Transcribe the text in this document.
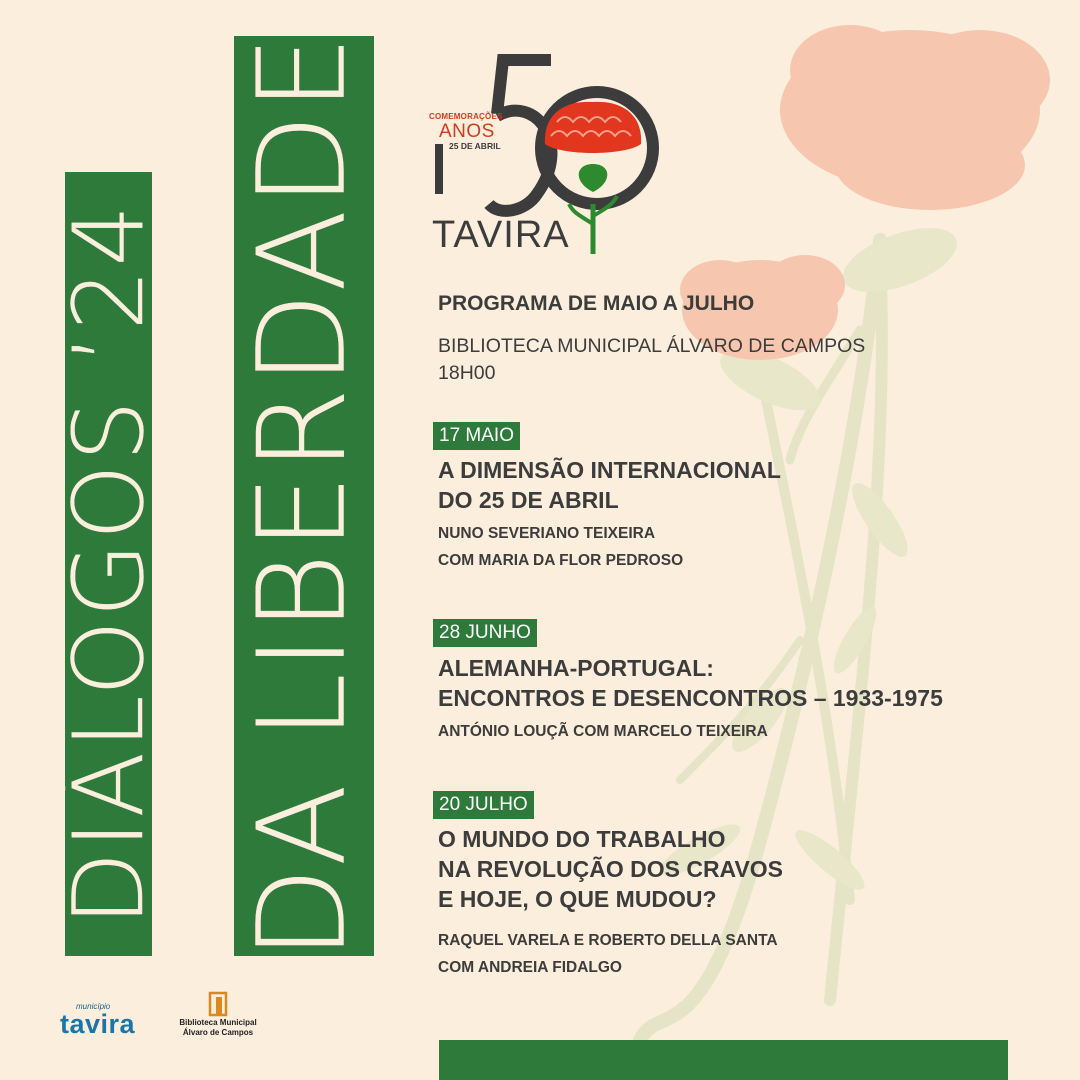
DIÁLOGOS ’24 DA LIBERDADE	COMEMORAÇÕES
ANOS
25 DE ABRIL
TAVIRA
PROGRAMA DE MAIO A JULHO
BIBLIOTECA MUNICIPAL ÁLVARO DE CAMPOS
18H00
17 MAIO
A DIMENSÃO INTERNACIONAL
DO 25 DE ABRIL
NUNO SEVERIANO TEIXEIRA
COM MARIA DA FLOR PEDROSO
28 JUNHO
ALEMANHA-PORTUGAL:
ENCONTROS E DESENCONTROS – 1933-1975
ANTÓNIO LOUÇÃ COM MARCELO TEIXEIRA
20 JULHO
O MUNDO DO TRABALHO
NA REVOLUÇÃO DOS CRAVOS
E HOJE, O QUE MUDOU?
RAQUEL VARELA E ROBERTO DELLA SANTA
COM ANDREIA FIDALGO
município
tavira	Biblioteca Municipal
Álvaro de Campos
